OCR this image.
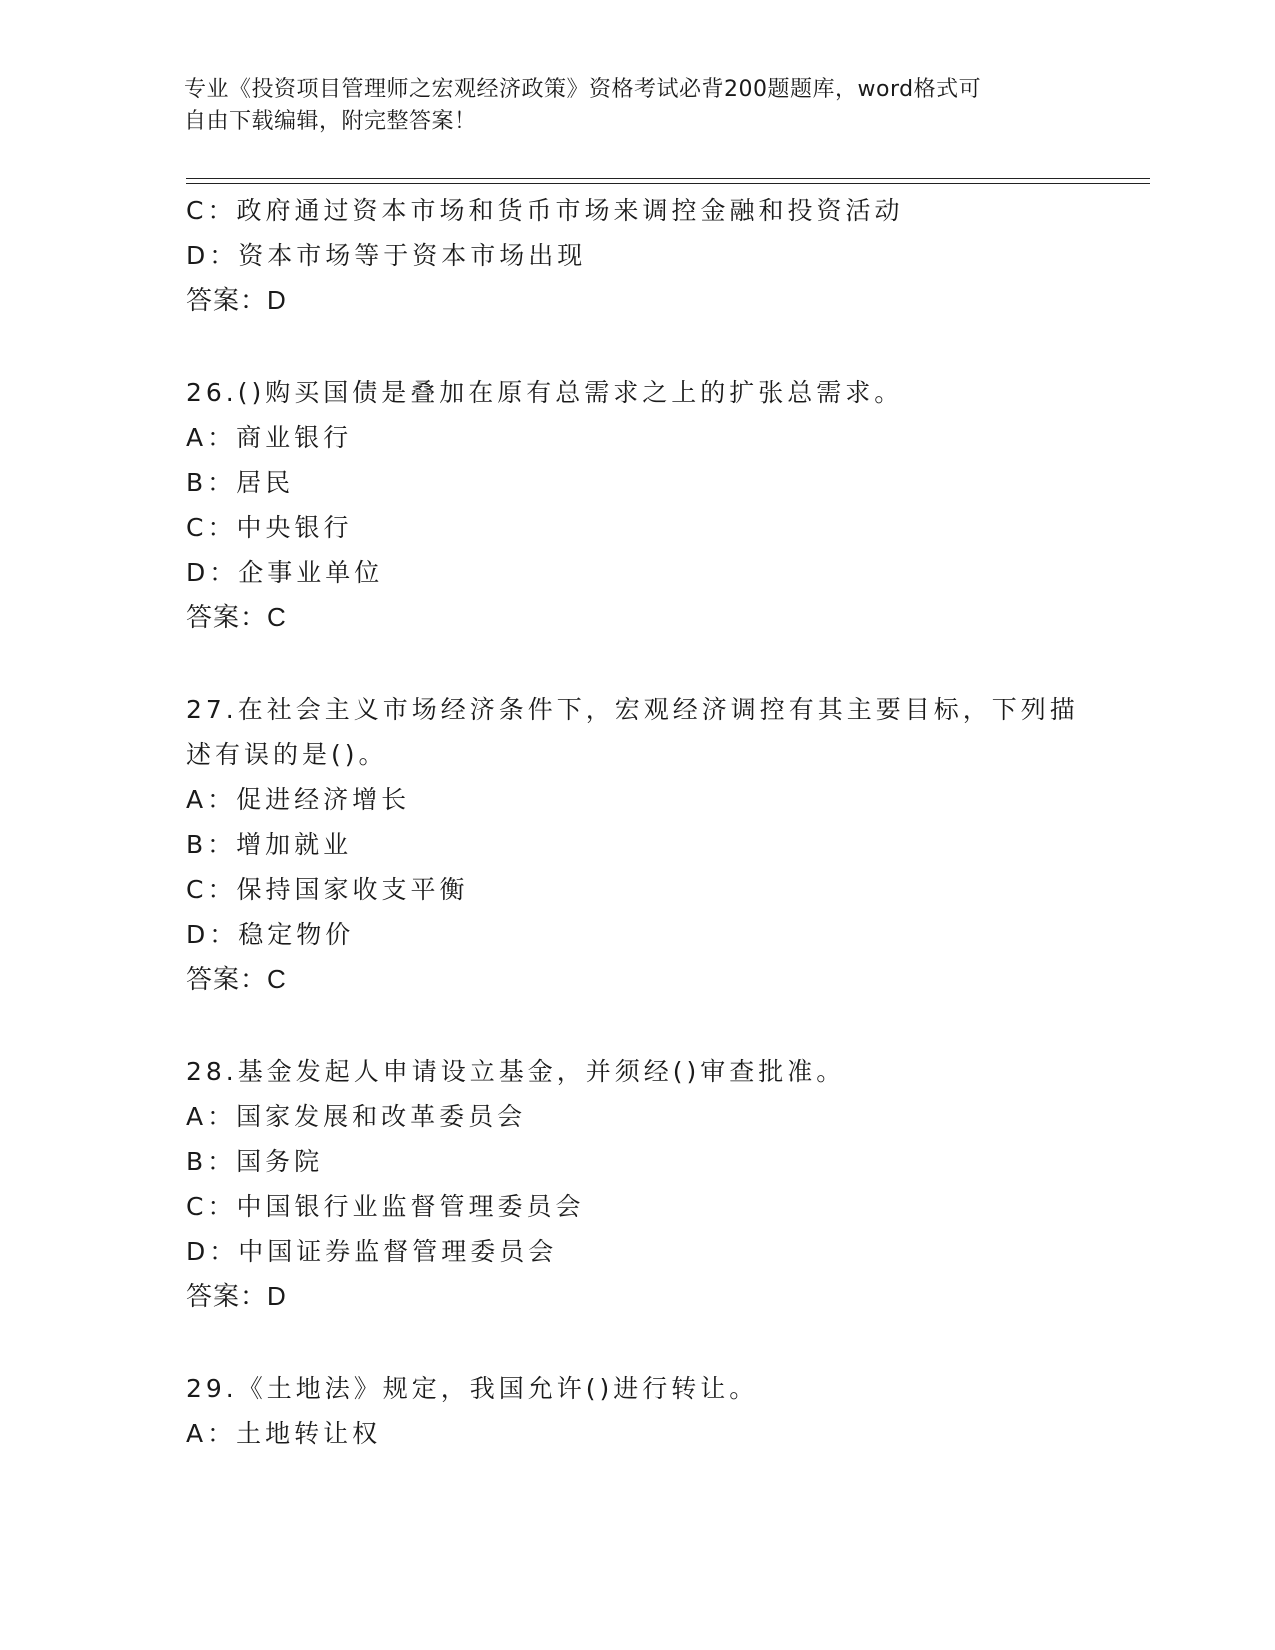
专业《投资项目管理师之宏观经济政策》资格考试必背200题题库，word格式可
自由下载编辑，附完整答案！
C：政府通过资本市场和货币市场来调控金融和投资活动
D：资本市场等于资本市场出现
答案：D
26.()购买国债是叠加在原有总需求之上的扩张总需求。
A：商业银行
B：居民
C：中央银行
D：企事业单位
答案：C
27.在社会主义市场经济条件下，宏观经济调控有其主要目标，下列描
述有误的是()。
A：促进经济增长
B：增加就业
C：保持国家收支平衡
D：稳定物价
答案：C
28.基金发起人申请设立基金，并须经()审查批准。
A：国家发展和改革委员会
B：国务院
C：中国银行业监督管理委员会
D：中国证券监督管理委员会
答案：D
29.《土地法》规定，我国允许()进行转让。
A：土地转让权
